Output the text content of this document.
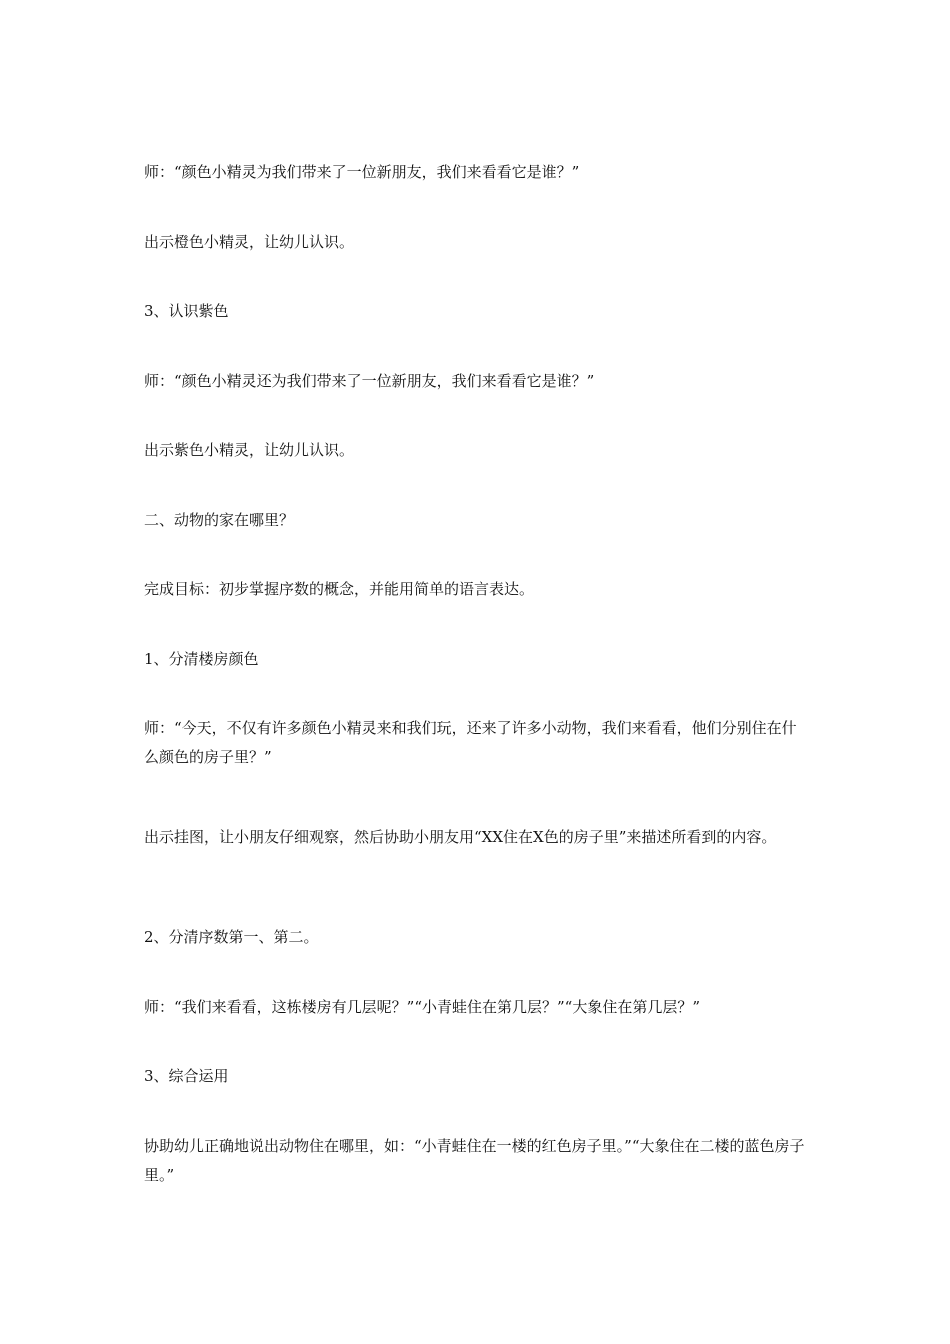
师：“颜色小精灵为我们带来了一位新朋友，我们来看看它是谁？”

出示橙色小精灵，让幼儿认识。

3、认识紫色

师：“颜色小精灵还为我们带来了一位新朋友，我们来看看它是谁？”

出示紫色小精灵，让幼儿认识。

二、动物的家在哪里？

完成目标：初步掌握序数的概念，并能用简单的语言表达。

1、分清楼房颜色

师：“今天，不仅有许多颜色小精灵来和我们玩，还来了许多小动物，我们来看看，他们分别住在什么颜色的房子里？”

出示挂图，让小朋友仔细观察，然后协助小朋友用“XX住在X色的房子里”来描述所看到的内容。

2、分清序数第一、第二。

师：“我们来看看，这栋楼房有几层呢？”“小青蛙住在第几层？”“大象住在第几层？”

3、综合运用

协助幼儿正确地说出动物住在哪里，如：“小青蛙住在一楼的红色房子里。”“大象住在二楼的蓝色房子里。”
